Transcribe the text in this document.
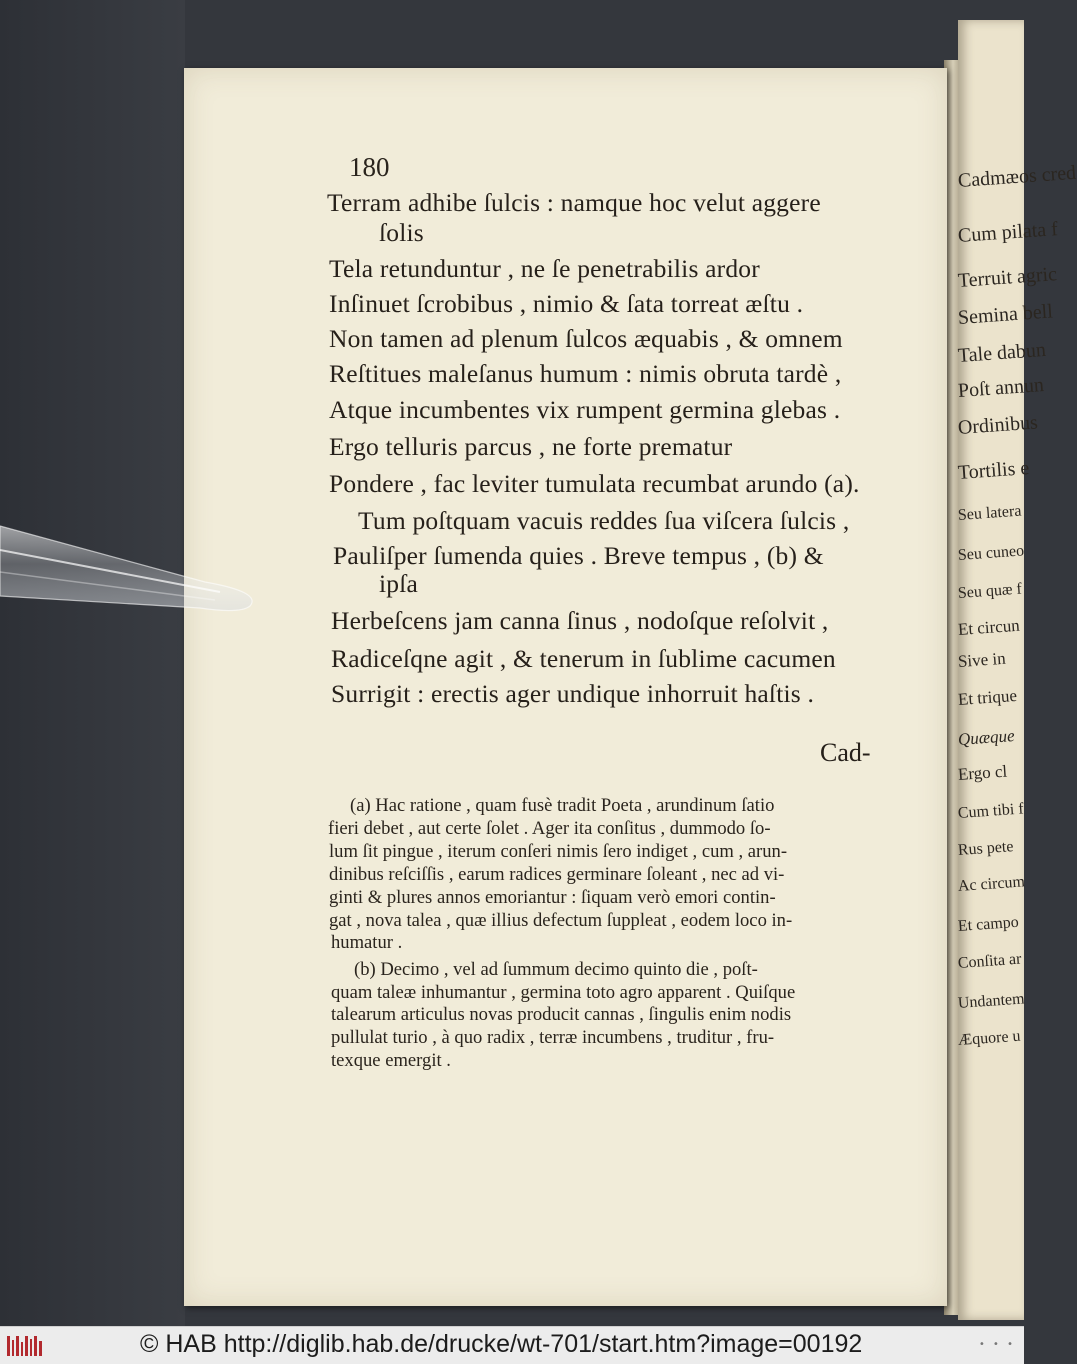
Cadmæos cred
Cum pilata f
Terruit agric
Semina bell
Tale dabun
Poſt annun
Ordinibus
Tortilis e
Seu latera
Seu cuneo
Seu quæ f
Et circun
Sive in
Et trique
Quæque
Ergo cl
Cum tibi f
Rus pete
Ac circum
Et campo
Conſita ar
Undantem
Æquore u
180
Terram adhibe ſulcis : namque hoc velut aggere
ſolis
Tela retunduntur , ne ſe penetrabilis ardor
Inſinuet ſcrobibus , nimio & ſata torreat æſtu .
Non tamen ad plenum ſulcos æquabis , & omnem
Reſtitues maleſanus humum : nimis obruta tardè ,
Atque incumbentes vix rumpent germina glebas .
Ergo telluris parcus , ne forte prematur
Pondere , fac leviter tumulata recumbat arundo (a).
Tum poſtquam vacuis reddes ſua viſcera ſulcis ,
Pauliſper ſumenda quies . Breve tempus , (b) &
ipſa
Herbeſcens jam canna ſinus , nodoſque reſolvit ,
Radiceſqne agit , & tenerum in ſublime cacumen
Surrigit : erectis ager undique inhorruit haſtis .
Cad-
(a) Hac ratione , quam fusè tradit Poeta , arundinum ſatio
fieri debet , aut certe ſolet . Ager ita conſitus , dummodo ſo-
lum ſit pingue , iterum conſeri nimis ſero indiget , cum , arun-
dinibus reſciſſis , earum radices germinare ſoleant , nec ad vi-
ginti & plures annos emoriantur : ſiquam verò emori contin-
gat , nova talea , quæ illius defectum ſuppleat , eodem loco in-
humatur .
(b) Decimo , vel ad ſummum decimo quinto die , poſt-
quam taleæ inhumantur , germina toto agro apparent . Quiſque
talearum articulus novas producit cannas , ſingulis enim nodis
pullulat turio , à quo radix , terræ incumbens , truditur , fru-
texque emergit .
© HAB http://diglib.hab.de/drucke/wt-701/start.htm?image=00192	• • •
